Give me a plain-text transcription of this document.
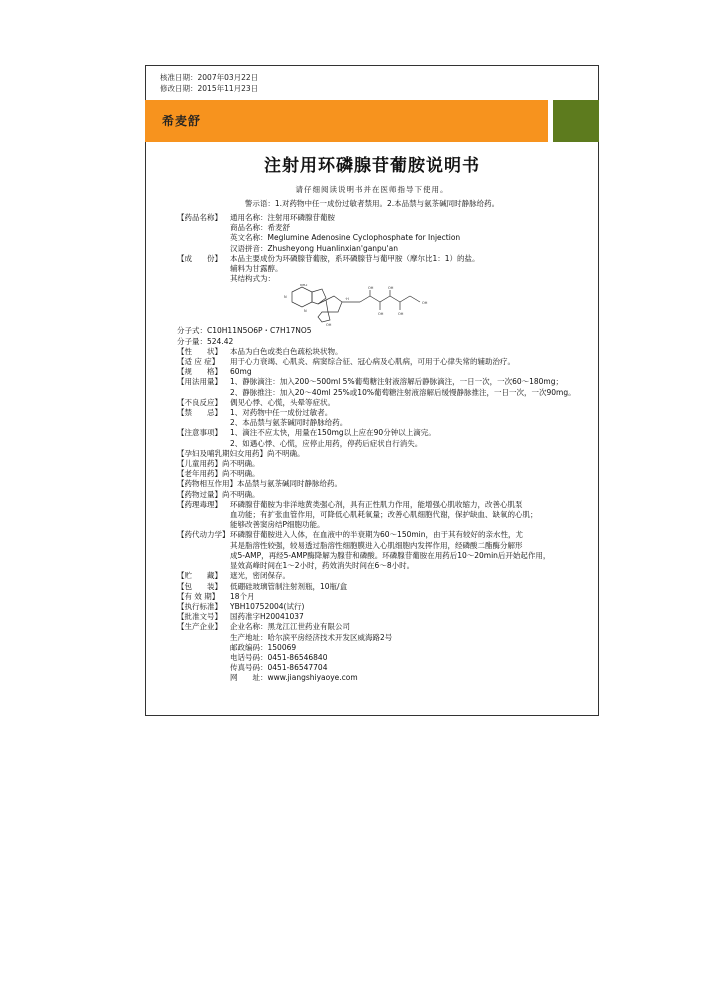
核准日期：2007年03月22日
修改日期：2015年11月23日
希麦舒
注射用环磷腺苷葡胺说明书
请仔细阅读说明书并在医师指导下使用。
警示语：1.对药物中任一成份过敏者禁用。2.本品禁与氨茶碱同时静脉给药。
【药品名称】	通用名称：注射用环磷腺苷葡胺
商品名称：希麦舒
英文名称：Meglumine Adenosine Cyclophosphate for Injection
汉语拼音：Zhusheyong Huanlinxian'ganpu'an
【成　　份】	本品主要成份为环磷腺苷葡胺，系环磷腺苷与葡甲胺（摩尔比1：1）的盐。
辅料为甘露醇。
其结构式为：
NH2
N
N
OH
·H
OH	OH
OH	OH
OH
分子式：C10H11N5O6P・C7H17NO5
分子量：524.42
【性　　状】	本品为白色或类白色疏松块状物。
【适 应 症】	用于心力衰竭、心肌炎、病窦综合征、冠心病及心肌病，可用于心律失常的辅助治疗。
【规　　格】	60mg
【用法用量】	1、静脉滴注：加入200～500ml 5%葡萄糖注射液溶解后静脉滴注，一日一次，一次60～180mg；
2、静脉推注：加入20～40ml 25%或10%葡萄糖注射液溶解后缓慢静脉推注，一日一次，一次90mg。
【不良反应】	偶见心悸、心慌，头晕等症状。
【禁　　忌】	1、对药物中任一成份过敏者。
2、本品禁与氨茶碱同时静脉给药。
【注意事项】	1、滴注不应太快，用量在150mg以上应在90分钟以上滴完。
2、如遇心悸、心慌，应停止用药，停药后症状自行消失。
【孕妇及哺乳期妇女用药】尚不明确。
【儿童用药】尚不明确。
【老年用药】尚不明确。
【药物相互作用】本品禁与氨茶碱同时静脉给药。
【药物过量】尚不明确。
【药理毒理】	环磷腺苷葡胺为非洋地黄类强心剂，具有正性肌力作用，能增强心肌收缩力，改善心肌泵
血功能；有扩张血管作用，可降低心肌耗氧量；改善心肌细胞代谢，保护缺血、缺氧的心肌；
能够改善窦房结P细胞功能。
【药代动力学】 环磷腺苷葡胺进入人体，在血液中的半衰期为60～150min，由于其有较好的亲水性，尤
其是脂溶性较强，较易透过脂溶性细胞膜进入心肌细胞内发挥作用，经磷酸二酯酶分解形
成5-AMP，再经5-AMP酶降解为腺苷和磷酸。环磷腺苷葡胺在用药后10～20min后开始起作用，
显效高峰时间在1～2小时，药效消失时间在6～8小时。
【贮　　藏】	遮光，密闭保存。
【包　　装】	低硼硅玻璃管制注射剂瓶，10瓶/盒
【有 效 期】	18个月
【执行标准】	YBH10752004(试行)
【批准文号】	国药准字H20041037
【生产企业】	企业名称：黑龙江江世药业有限公司
生产地址：哈尔滨平房经济技术开发区威海路2号
邮政编码：150069
电话号码：0451-86546840
传真号码：0451-86547704
网　　址：www.jiangshiyaoye.com
